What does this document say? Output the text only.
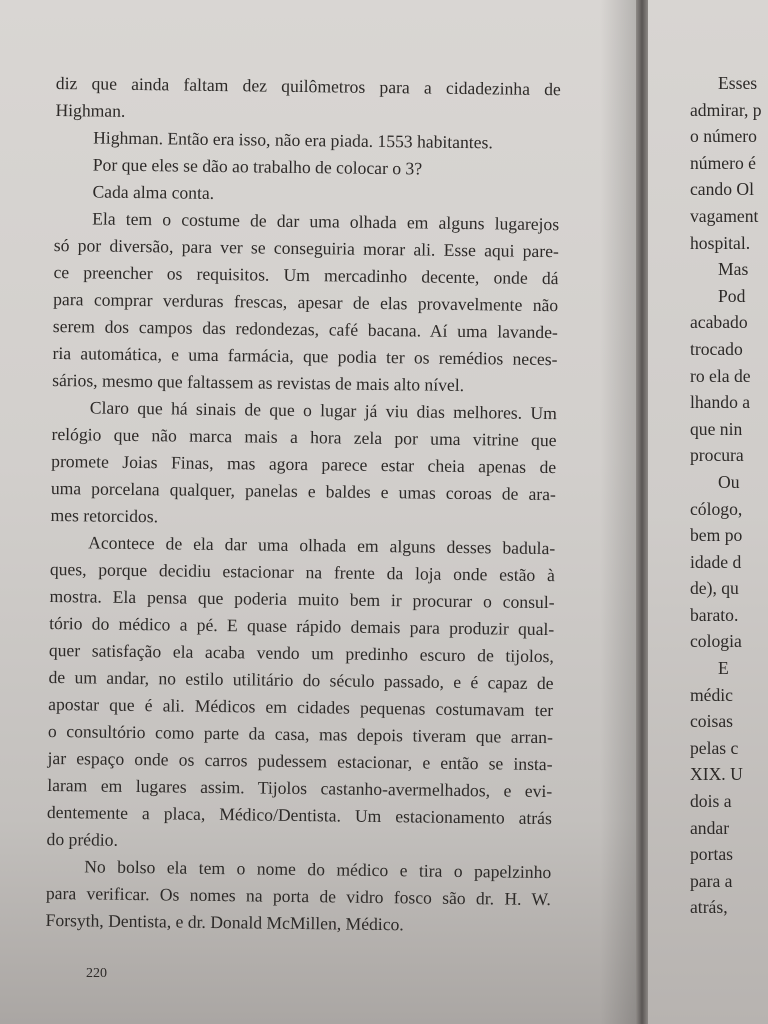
diz que ainda faltam dez quilômetros para a cidadezinha de
Highman.
Highman. Então era isso, não era piada. 1553 habitantes.
Por que eles se dão ao trabalho de colocar o 3?
Cada alma conta.
Ela tem o costume de dar uma olhada em alguns lugarejos
só por diversão, para ver se conseguiria morar ali. Esse aqui pare-
ce preencher os requisitos. Um mercadinho decente, onde dá
para comprar verduras frescas, apesar de elas provavelmente não
serem dos campos das redondezas, café bacana. Aí uma lavande-
ria automática, e uma farmácia, que podia ter os remédios neces-
sários, mesmo que faltassem as revistas de mais alto nível.
Claro que há sinais de que o lugar já viu dias melhores. Um
relógio que não marca mais a hora zela por uma vitrine que
promete Joias Finas, mas agora parece estar cheia apenas de
uma porcelana qualquer, panelas e baldes e umas coroas de ara-
mes retorcidos.
Acontece de ela dar uma olhada em alguns desses badula-
ques, porque decidiu estacionar na frente da loja onde estão à
mostra. Ela pensa que poderia muito bem ir procurar o consul-
tório do médico a pé. E quase rápido demais para produzir qual-
quer satisfação ela acaba vendo um predinho escuro de tijolos,
de um andar, no estilo utilitário do século passado, e é capaz de
apostar que é ali. Médicos em cidades pequenas costumavam ter
o consultório como parte da casa, mas depois tiveram que arran-
jar espaço onde os carros pudessem estacionar, e então se insta-
laram em lugares assim. Tijolos castanho-avermelhados, e evi-
dentemente a placa, Médico/Dentista. Um estacionamento atrás
do prédio.
No bolso ela tem o nome do médico e tira o papelzinho
para verificar. Os nomes na porta de vidro fosco são dr. H. W.
Forsyth, Dentista, e dr. Donald McMillen, Médico.
220
Esses
admirar, p
o número
número é
cando Ol
vagament
hospital.
Mas
Pod
acabado
trocado
ro ela de
lhando a
que nin
procura
Ou
cólogo,
bem po
idade d
de), qu
barato.
cologia
E
médic
coisas
pelas c
XIX. U
dois a
andar
portas
para a
atrás,
